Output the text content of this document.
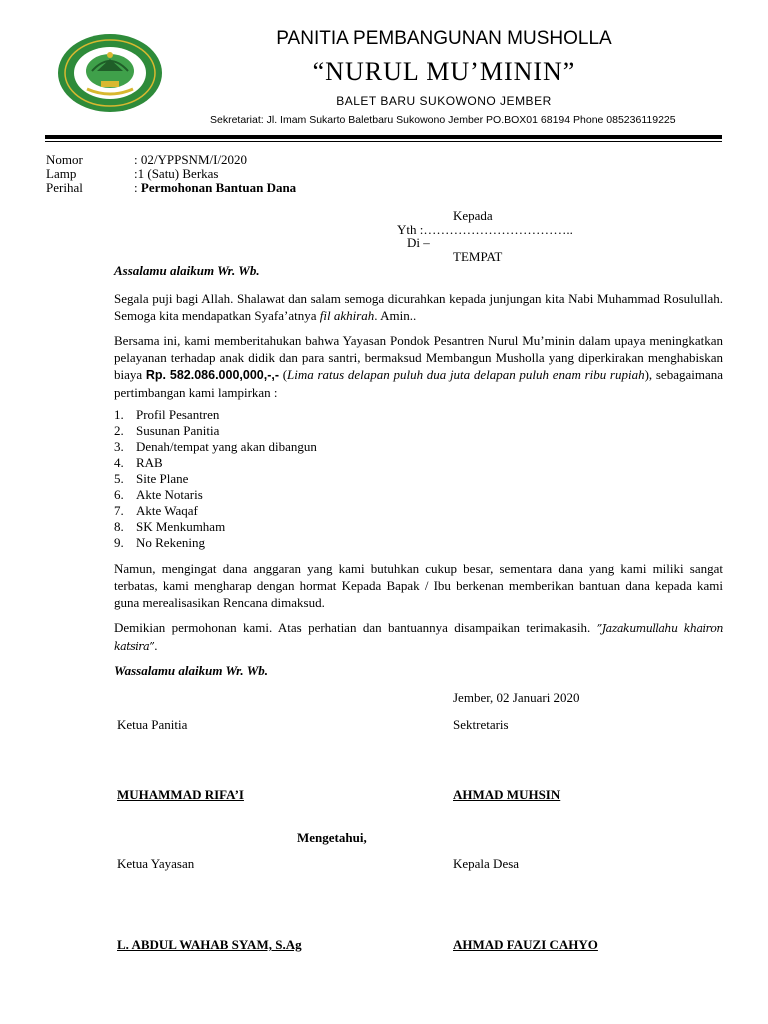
PANITIA PEMBANGUNAN MUSHOLLA
“NURUL MU’MININ”
BALET BARU SUKOWONO JEMBER
Sekretariat: Jl. Imam Sukarto Baletbaru Sukowono Jember PO.BOX01 68194 Phone 085236119225
Nomor	: 02/YPPSNM/I/2020
Lamp	:1 (Satu) Berkas
Perihal	: Permohonan Bantuan Dana
Kepada
Yth :……………………………..
Di –
TEMPAT
Assalamu alaikum Wr. Wb.
Segala puji bagi Allah. Shalawat dan salam semoga dicurahkan kepada junjungan kita Nabi Muhammad Rosulullah. Semoga kita mendapatkan Syafa’atnya fil akhirah. Amin..
Bersama ini, kami memberitahukan bahwa Yayasan Pondok Pesantren Nurul Mu’minin dalam upaya meningkatkan pelayanan terhadap anak didik dan para santri, bermaksud Membangun Musholla yang diperkirakan menghabiskan biaya Rp. 582.086.000,000,-,- (Lima ratus delapan puluh dua juta delapan puluh enam ribu rupiah), sebagaimana pertimbangan kami lampirkan :
1. Profil Pesantren
2. Susunan Panitia
3. Denah/tempat yang akan dibangun
4. RAB
5. Site Plane
6. Akte Notaris
7. Akte Waqaf
8. SK Menkumham
9. No Rekening
Namun, mengingat dana anggaran yang kami butuhkan cukup besar, sementara dana yang kami miliki sangat terbatas, kami mengharap dengan hormat Kepada Bapak / Ibu berkenan memberikan bantuan dana kepada kami guna merealisasikan Rencana dimaksud.
Demikian permohonan kami. Atas perhatian dan bantuannya disampaikan terimakasih. ”Jazakumullahu khairon katsira”.
Wassalamu alaikum Wr. Wb.
Jember, 02 Januari 2020
Ketua Panitia	Sektretaris
MUHAMMAD RIFA’I	AHMAD MUHSIN
Mengetahui,
Ketua Yayasan	Kepala Desa
L. ABDUL WAHAB SYAM, S.Ag	AHMAD FAUZI CAHYO
